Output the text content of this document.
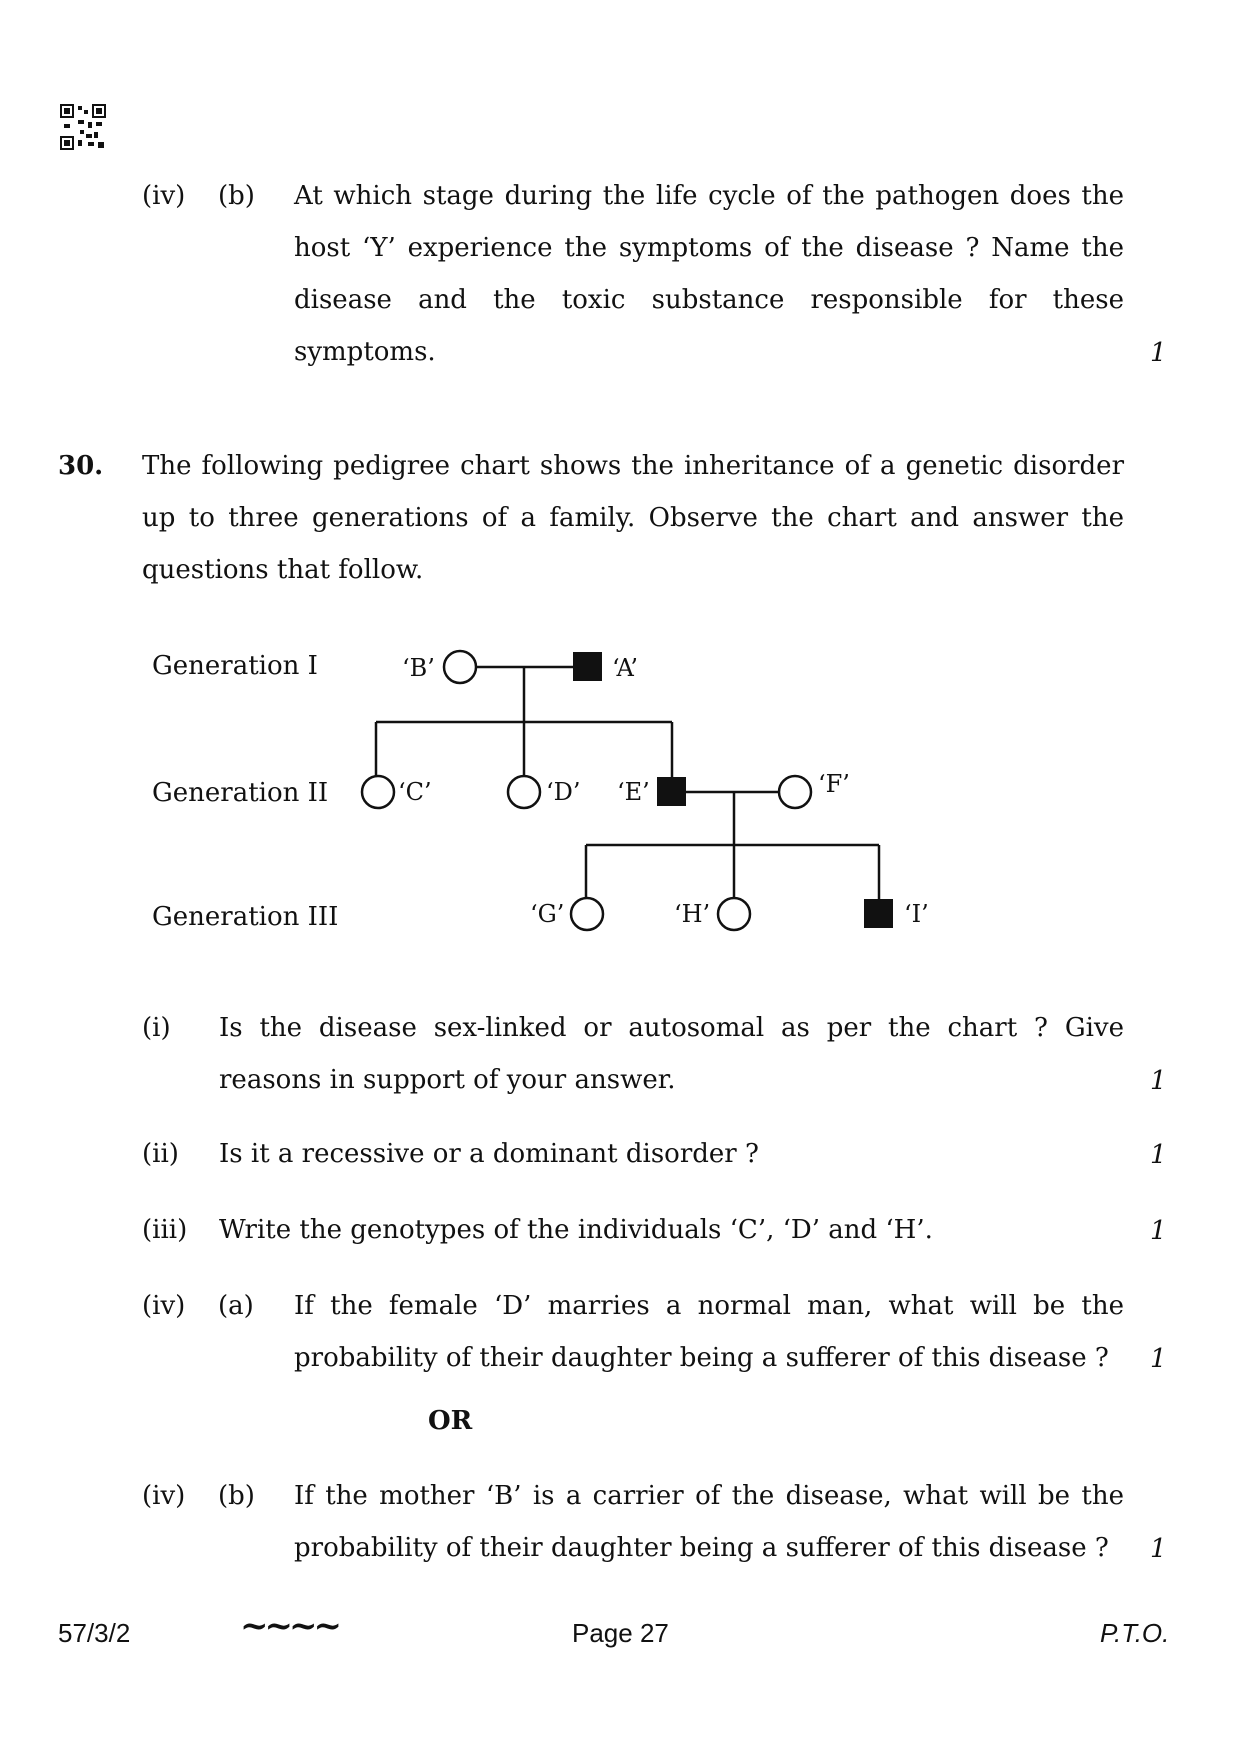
(iv) (b) At which stage during the life cycle of the pathogen does the
host ‘Y’ experience the symptoms of the disease ? Name the
disease and the toxic substance responsible for these
symptoms.	1
30. The following pedigree chart shows the inheritance of a genetic disorder
up to three generations of a family. Observe the chart and answer the
questions that follow.
Generation I
Generation II
Generation III
‘B’	‘A’
‘C’	‘D’ ‘E’	‘F’
‘G’	‘H’	‘I’
(i) Is the disease sex-linked or autosomal as per the chart ? Give
reasons in support of your answer.	1
(ii) Is it a recessive or a dominant disorder ?	1
(iii) Write the genotypes of the individuals ‘C’, ‘D’ and ‘H’.	1
(iv) (a) If the female ‘D’ marries a normal man, what will be the
probability of their daughter being a sufferer of this disease ? 1
OR
(iv) (b) If the mother ‘B’ is a carrier of the disease, what will be the
probability of their daughter being a sufferer of this disease ? 1
57/3/2	~~~~	Page 27	P.T.O.
